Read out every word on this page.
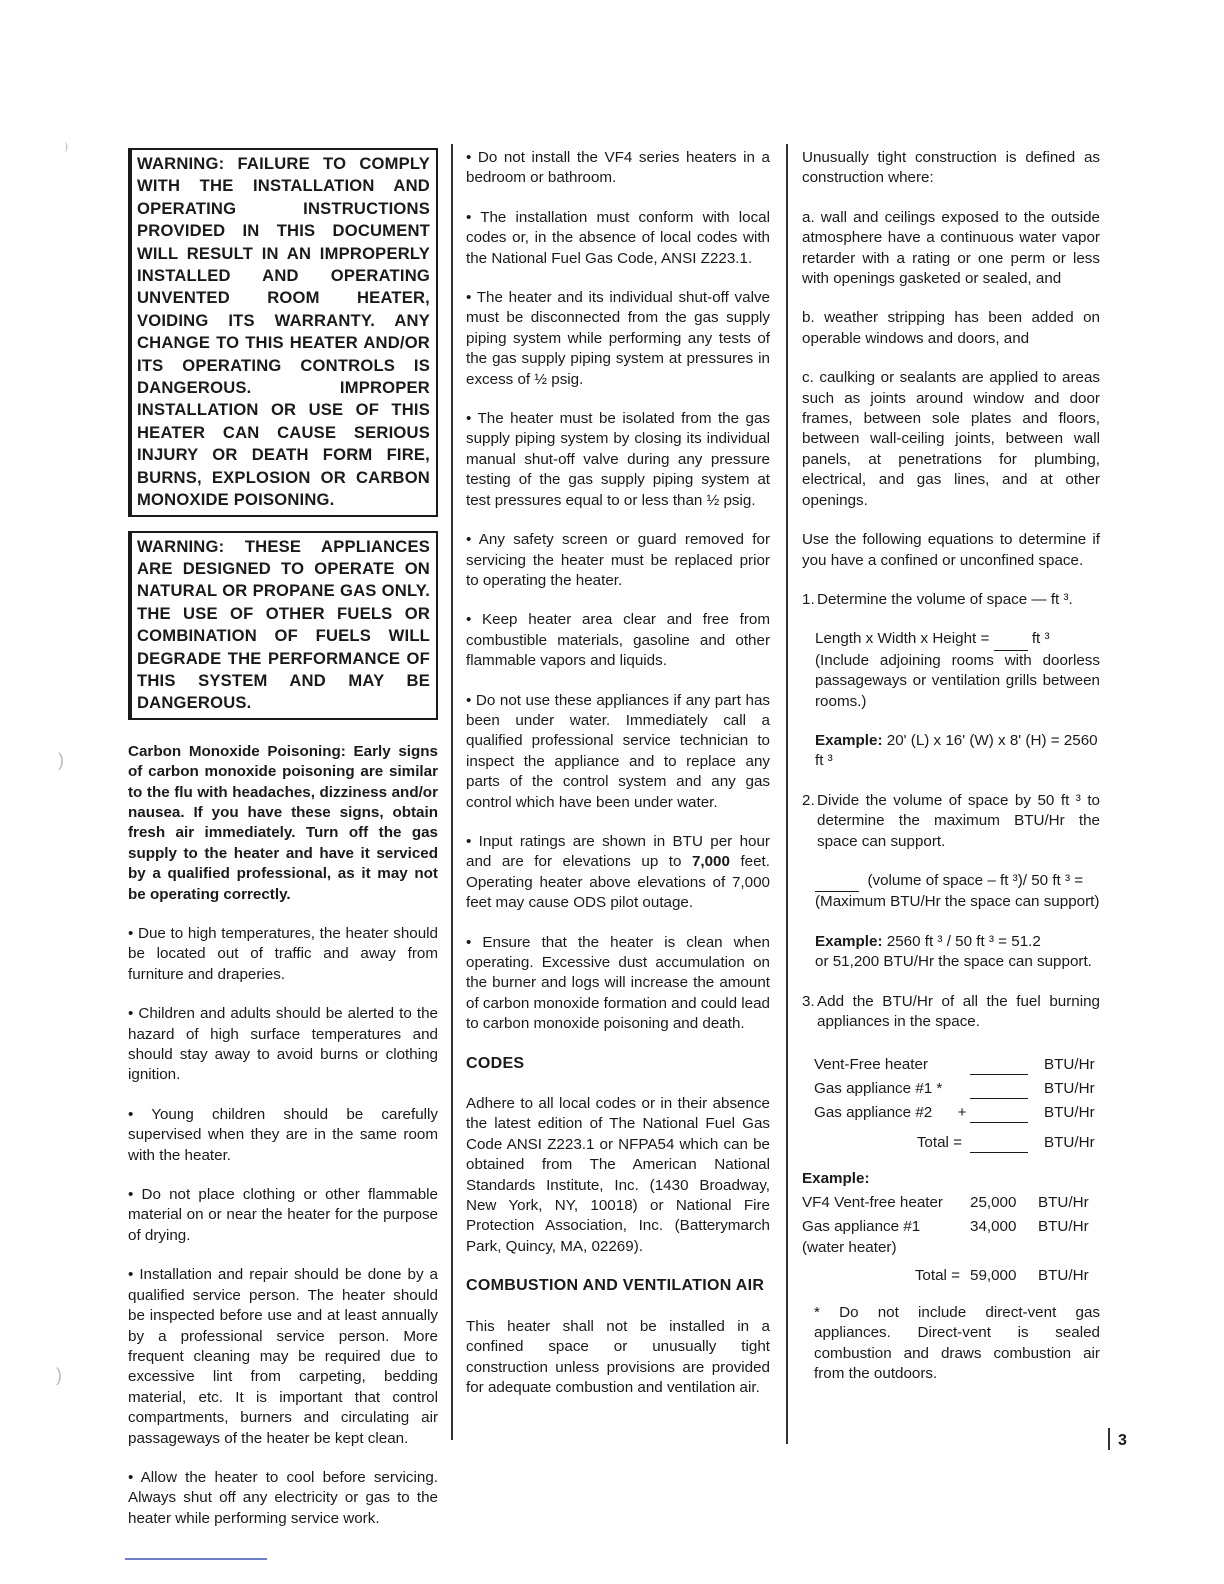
⁾
)
)
WARNING: FAILURE TO COMPLY WITH THE INSTALLATION AND OPERATING INSTRUCTIONS PROVIDED IN THIS DOCUMENT WILL RESULT IN AN IMPROPERLY INSTALLED AND OPERATING UNVENTED ROOM HEATER, VOIDING ITS WARRANTY. ANY CHANGE TO THIS HEATER AND/OR ITS OPERATING CONTROLS IS DANGEROUS. IMPROPER INSTALLATION OR USE OF THIS HEATER CAN CAUSE SERIOUS INJURY OR DEATH FORM FIRE, BURNS, EXPLOSION OR CARBON MONOXIDE POISONING.
WARNING: THESE APPLIANCES ARE DESIGNED TO OPERATE ON NATURAL OR PROPANE GAS ONLY. THE USE OF OTHER FUELS OR COMBINATION OF FUELS WILL DEGRADE THE PERFORMANCE OF THIS SYSTEM AND MAY BE DANGEROUS.

Carbon Monoxide Poisoning: Early signs of carbon monoxide poisoning are similar to the flu with headaches, dizziness and/or nausea. If you have these signs, obtain fresh air immediately. Turn off the gas supply to the heater and have it serviced by a qualified professional, as it may not be operating correctly.

• Due to high temperatures, the heater should be located out of traffic and away from furniture and draperies.

• Children and adults should be alerted to the hazard of high surface temperatures and should stay away to avoid burns or clothing ignition.

• Young children should be carefully supervised when they are in the same room with the heater.

• Do not place clothing or other flammable material on or near the heater for the purpose of drying.

• Installation and repair should be done by a qualified service person. The heater should be inspected before use and at least annually by a professional service person. More frequent cleaning may be required due to excessive lint from carpeting, bedding material, etc. It is important that control compartments, burners and circulating air passageways of the heater be kept clean.

• Allow the heater to cool before servicing. Always shut off any electricity or gas to the heater while performing service work.

• Do not install the VF4 series heaters in a bedroom or bathroom.

• The installation must conform with local codes or, in the absence of local codes with the National Fuel Gas Code, ANSI Z223.1.

• The heater and its individual shut-off valve must be disconnected from the gas supply piping system while performing any tests of the gas supply piping system at pressures in excess of ½ psig.

• The heater must be isolated from the gas supply piping system by closing its individual manual shut-off valve during any pressure testing of the gas supply piping system at test pressures equal to or less than ½ psig.

• Any safety screen or guard removed for servicing the heater must be replaced prior to operating the heater.

• Keep heater area clear and free from combustible materials, gasoline and other flammable vapors and liquids.

• Do not use these appliances if any part has been under water. Immediately call a qualified professional service technician to inspect the appliance and to replace any parts of the control system and any gas control which have been under water.

• Input ratings are shown in BTU per hour and are for elevations up to 7,000 feet. Operating heater above elevations of 7,000 feet may cause ODS pilot outage.

• Ensure that the heater is clean when operating. Excessive dust accumulation on the burner and logs will increase the amount of carbon monoxide formation and could lead to carbon monoxide poisoning and death.

CODES

Adhere to all local codes or in their absence the latest edition of The National Fuel Gas Code ANSI Z223.1 or NFPA54 which can be obtained from The American National Standards Institute, Inc. (1430 Broadway, New York, NY, 10018) or National Fire Protection Association, Inc. (Batterymarch Park, Quincy, MA, 02269).

COMBUSTION AND VENTILATION AIR

This heater shall not be installed in a confined space or unusually tight construction unless provisions are provided for adequate combustion and ventilation air.

Unusually tight construction is defined as construction where:

a. wall and ceilings exposed to the outside atmosphere have a continuous water vapor retarder with a rating or one perm or less with openings gasketed or sealed, and

b. weather stripping has been added on operable windows and doors, and

c. caulking or sealants are applied to areas such as joints around window and door frames, between sole plates and floors, between wall-ceiling joints, between wall panels, at penetrations for plumbing, electrical, and gas lines, and at other openings.

Use the following equations to determine if you have a confined or unconfined space.

1. Determine the volume of space — ft ³.
Length x Width x Height =	ft ³
(Include adjoining rooms with doorless passageways or ventilation grills between rooms.)
Example: 20' (L) x 16' (W) x 8' (H) = 2560 ft ³
2. Divide the volume of space by 50 ft ³ to determine the maximum BTU/Hr the space can support.
(volume of space – ft ³)/ 50 ft ³ =
(Maximum BTU/Hr the space can support)
Example: 2560 ft ³ / 50 ft ³ = 51.2
or 51,200 BTU/Hr the space can support.
3. Add the BTU/Hr of all the fuel burning appliances in the space.
Vent-Free heater			BTU/Hr
Gas appliance #1 *			BTU/Hr
Gas appliance #2	+		BTU/Hr
Total =			BTU/Hr
Example:
VF4 Vent-free heater	25,000	BTU/Hr
Gas appliance #1	34,000	BTU/Hr
(water heater)		
Total =	59,000	BTU/Hr

* Do not include direct-vent gas appliances. Direct-vent is sealed combustion and draws combustion air from the outdoors.

3
